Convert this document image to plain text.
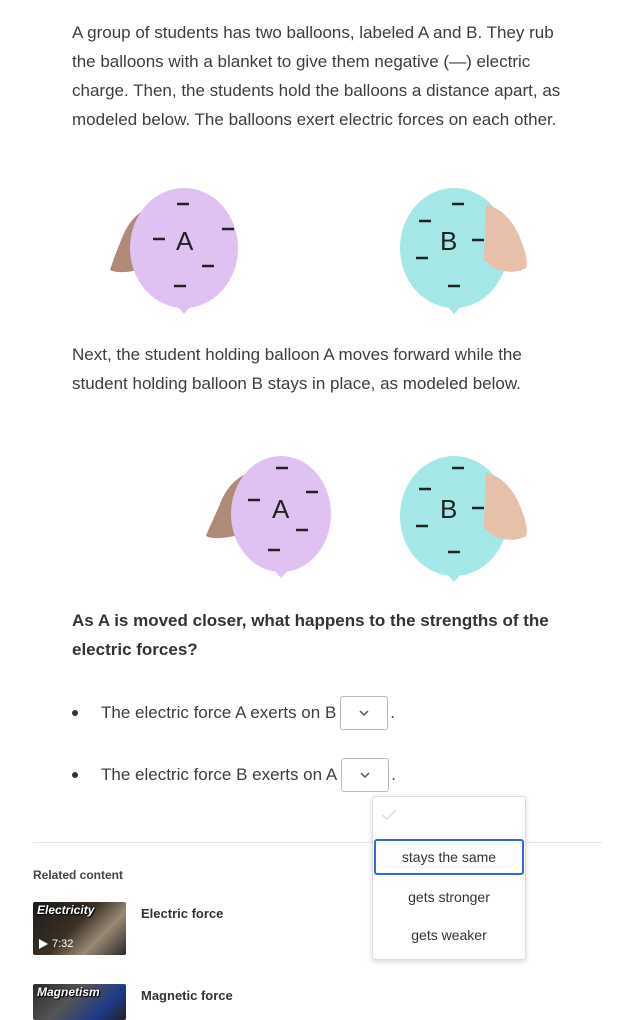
A group of students has two balloons, labeled A and B. They rub the balloons with a blanket to give them negative (—) electric charge. Then, the students hold the balloons a distance apart, as modeled below. The balloons exert electric forces on each other.

A	B

Next, the student holding balloon A moves forward while the student holding balloon B stays in place, as modeled below.

A	B

As A is moved closer, what happens to the strengths of the electric forces?

The electric force A exerts on B	.
The electric force B exerts on A	.
Related content
Electricity
7:32
Electric force
Magnetism	Magnetic force
stays the same
gets stronger
gets weaker
